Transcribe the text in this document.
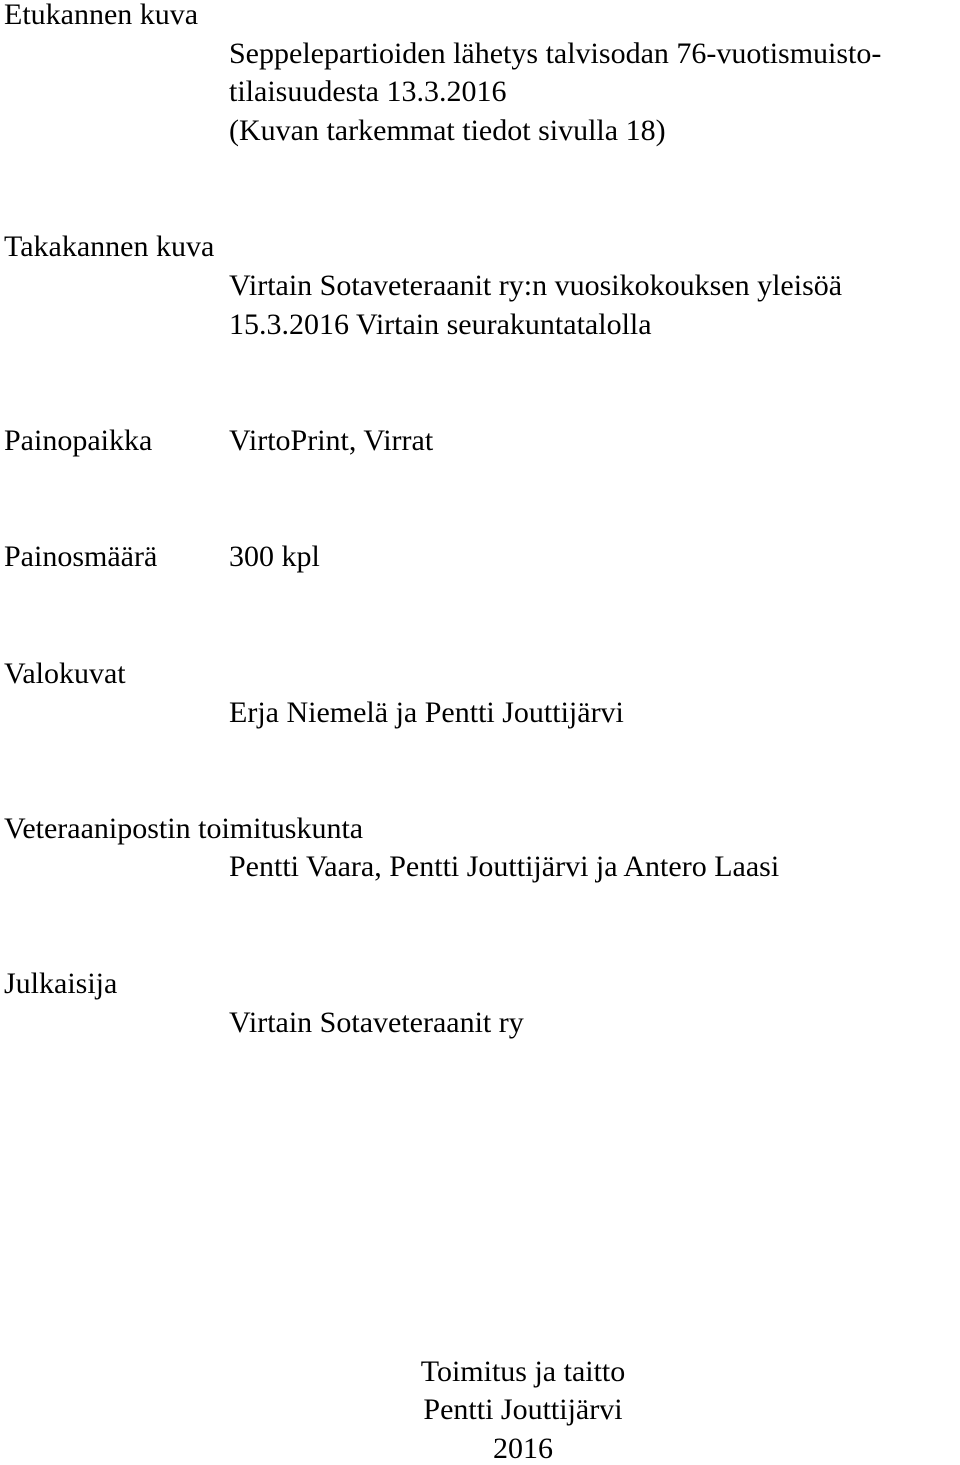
Etukannen kuva
Seppelepartioiden lähetys talvisodan 76-vuotismuisto-
tilaisuudesta 13.3.2016
(Kuvan tarkemmat tiedot sivulla 18)
Takakannen kuva
Virtain Sotaveteraanit ry:n vuosikokouksen yleisöä
15.3.2016 Virtain seurakuntatalolla
Painopaikka	VirtoPrint, Virrat
Painosmäärä 300 kpl
Valokuvat
Erja Niemelä ja Pentti Jouttijärvi
Veteraanipostin toimituskunta
Pentti Vaara, Pentti Jouttijärvi ja Antero Laasi
Julkaisija
Virtain Sotaveteraanit ry
Toimitus ja taitto
Pentti Jouttijärvi
2016
